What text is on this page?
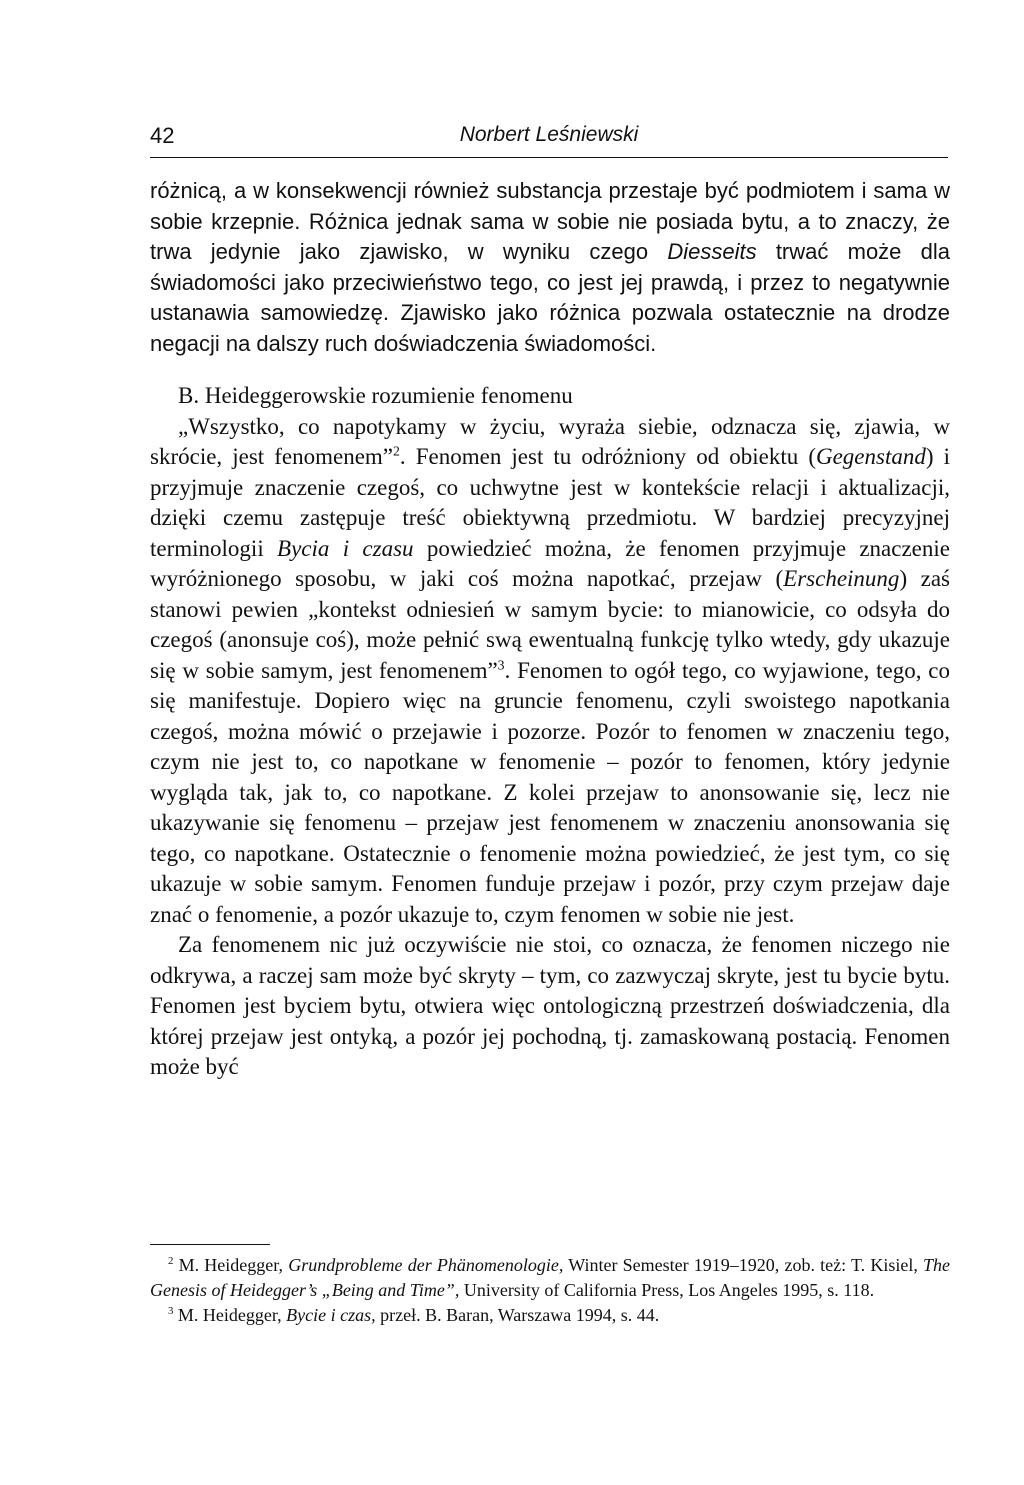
42	Norbert Leśniewski

różnicą, a w konsekwencji również substancja przestaje być podmiotem i sama w sobie krzepnie. Różnica jednak sama w sobie nie posiada bytu, a to znaczy, że trwa jedynie jako zjawisko, w wyniku czego Diesseits trwać może dla świadomości jako przeciwieństwo tego, co jest jej prawdą, i przez to negatywnie ustanawia samowiedzę. Zjawisko jako różnica pozwala ostatecznie na drodze negacji na dalszy ruch doświadczenia świadomości.

B. Heideggerowskie rozumienie fenomenu

„Wszystko, co napotykamy w życiu, wyraża siebie, odznacza się, zjawia, w skrócie, jest fenomenem”$^2$. Fenomen jest tu odróżniony od obiektu (Gegenstand) i przyjmuje znaczenie czegoś, co uchwytne jest w kontekście relacji i aktualizacji, dzięki czemu zastępuje treść obiektywną przedmiotu. W bardziej precyzyjnej terminologii Bycia i czasu powiedzieć można, że fenomen przyjmuje znaczenie wyróżnionego sposobu, w jaki coś można napotkać, przejaw (Erscheinung) zaś stanowi pewien „kontekst odniesień w samym bycie: to mianowicie, co odsyła do czegoś (anonsuje coś), może pełnić swą ewentualną funkcję tylko wtedy, gdy ukazuje się w sobie samym, jest fenomenem”$^3$. Fenomen to ogół tego, co wyjawione, tego, co się manifestuje. Dopiero więc na gruncie fenomenu, czyli swoistego napotkania czegoś, można mówić o przejawie i pozorze. Pozór to fenomen w znaczeniu tego, czym nie jest to, co napotkane w fenomenie – pozór to fenomen, który jedynie wygląda tak, jak to, co napotkane. Z kolei przejaw to anonsowanie się, lecz nie ukazywanie się fenomenu – przejaw jest fenomenem w znaczeniu anonsowania się tego, co napotkane. Ostatecznie o fenomenie można powiedzieć, że jest tym, co się ukazuje w sobie samym. Fenomen funduje przejaw i pozór, przy czym przejaw daje znać o fenomenie, a pozór ukazuje to, czym fenomen w sobie nie jest.

Za fenomenem nic już oczywiście nie stoi, co oznacza, że fenomen niczego nie odkrywa, a raczej sam może być skryty – tym, co zazwyczaj skryte, jest tu bycie bytu. Fenomen jest byciem bytu, otwiera więc ontologiczną przestrzeń doświadczenia, dla której przejaw jest ontyką, a pozór jej pochodną, tj. zamaskowaną postacią. Fenomen może być

$^2$ M. Heidegger, Grundprobleme der Phänomenologie, Winter Semester 1919–1920, zob. też: T. Kisiel, The Genesis of Heidegger’s „Being and Time”, University of California Press, Los Angeles 1995, s. 118.

$^3$ M. Heidegger, Bycie i czas, przeł. B. Baran, Warszawa 1994, s. 44.
